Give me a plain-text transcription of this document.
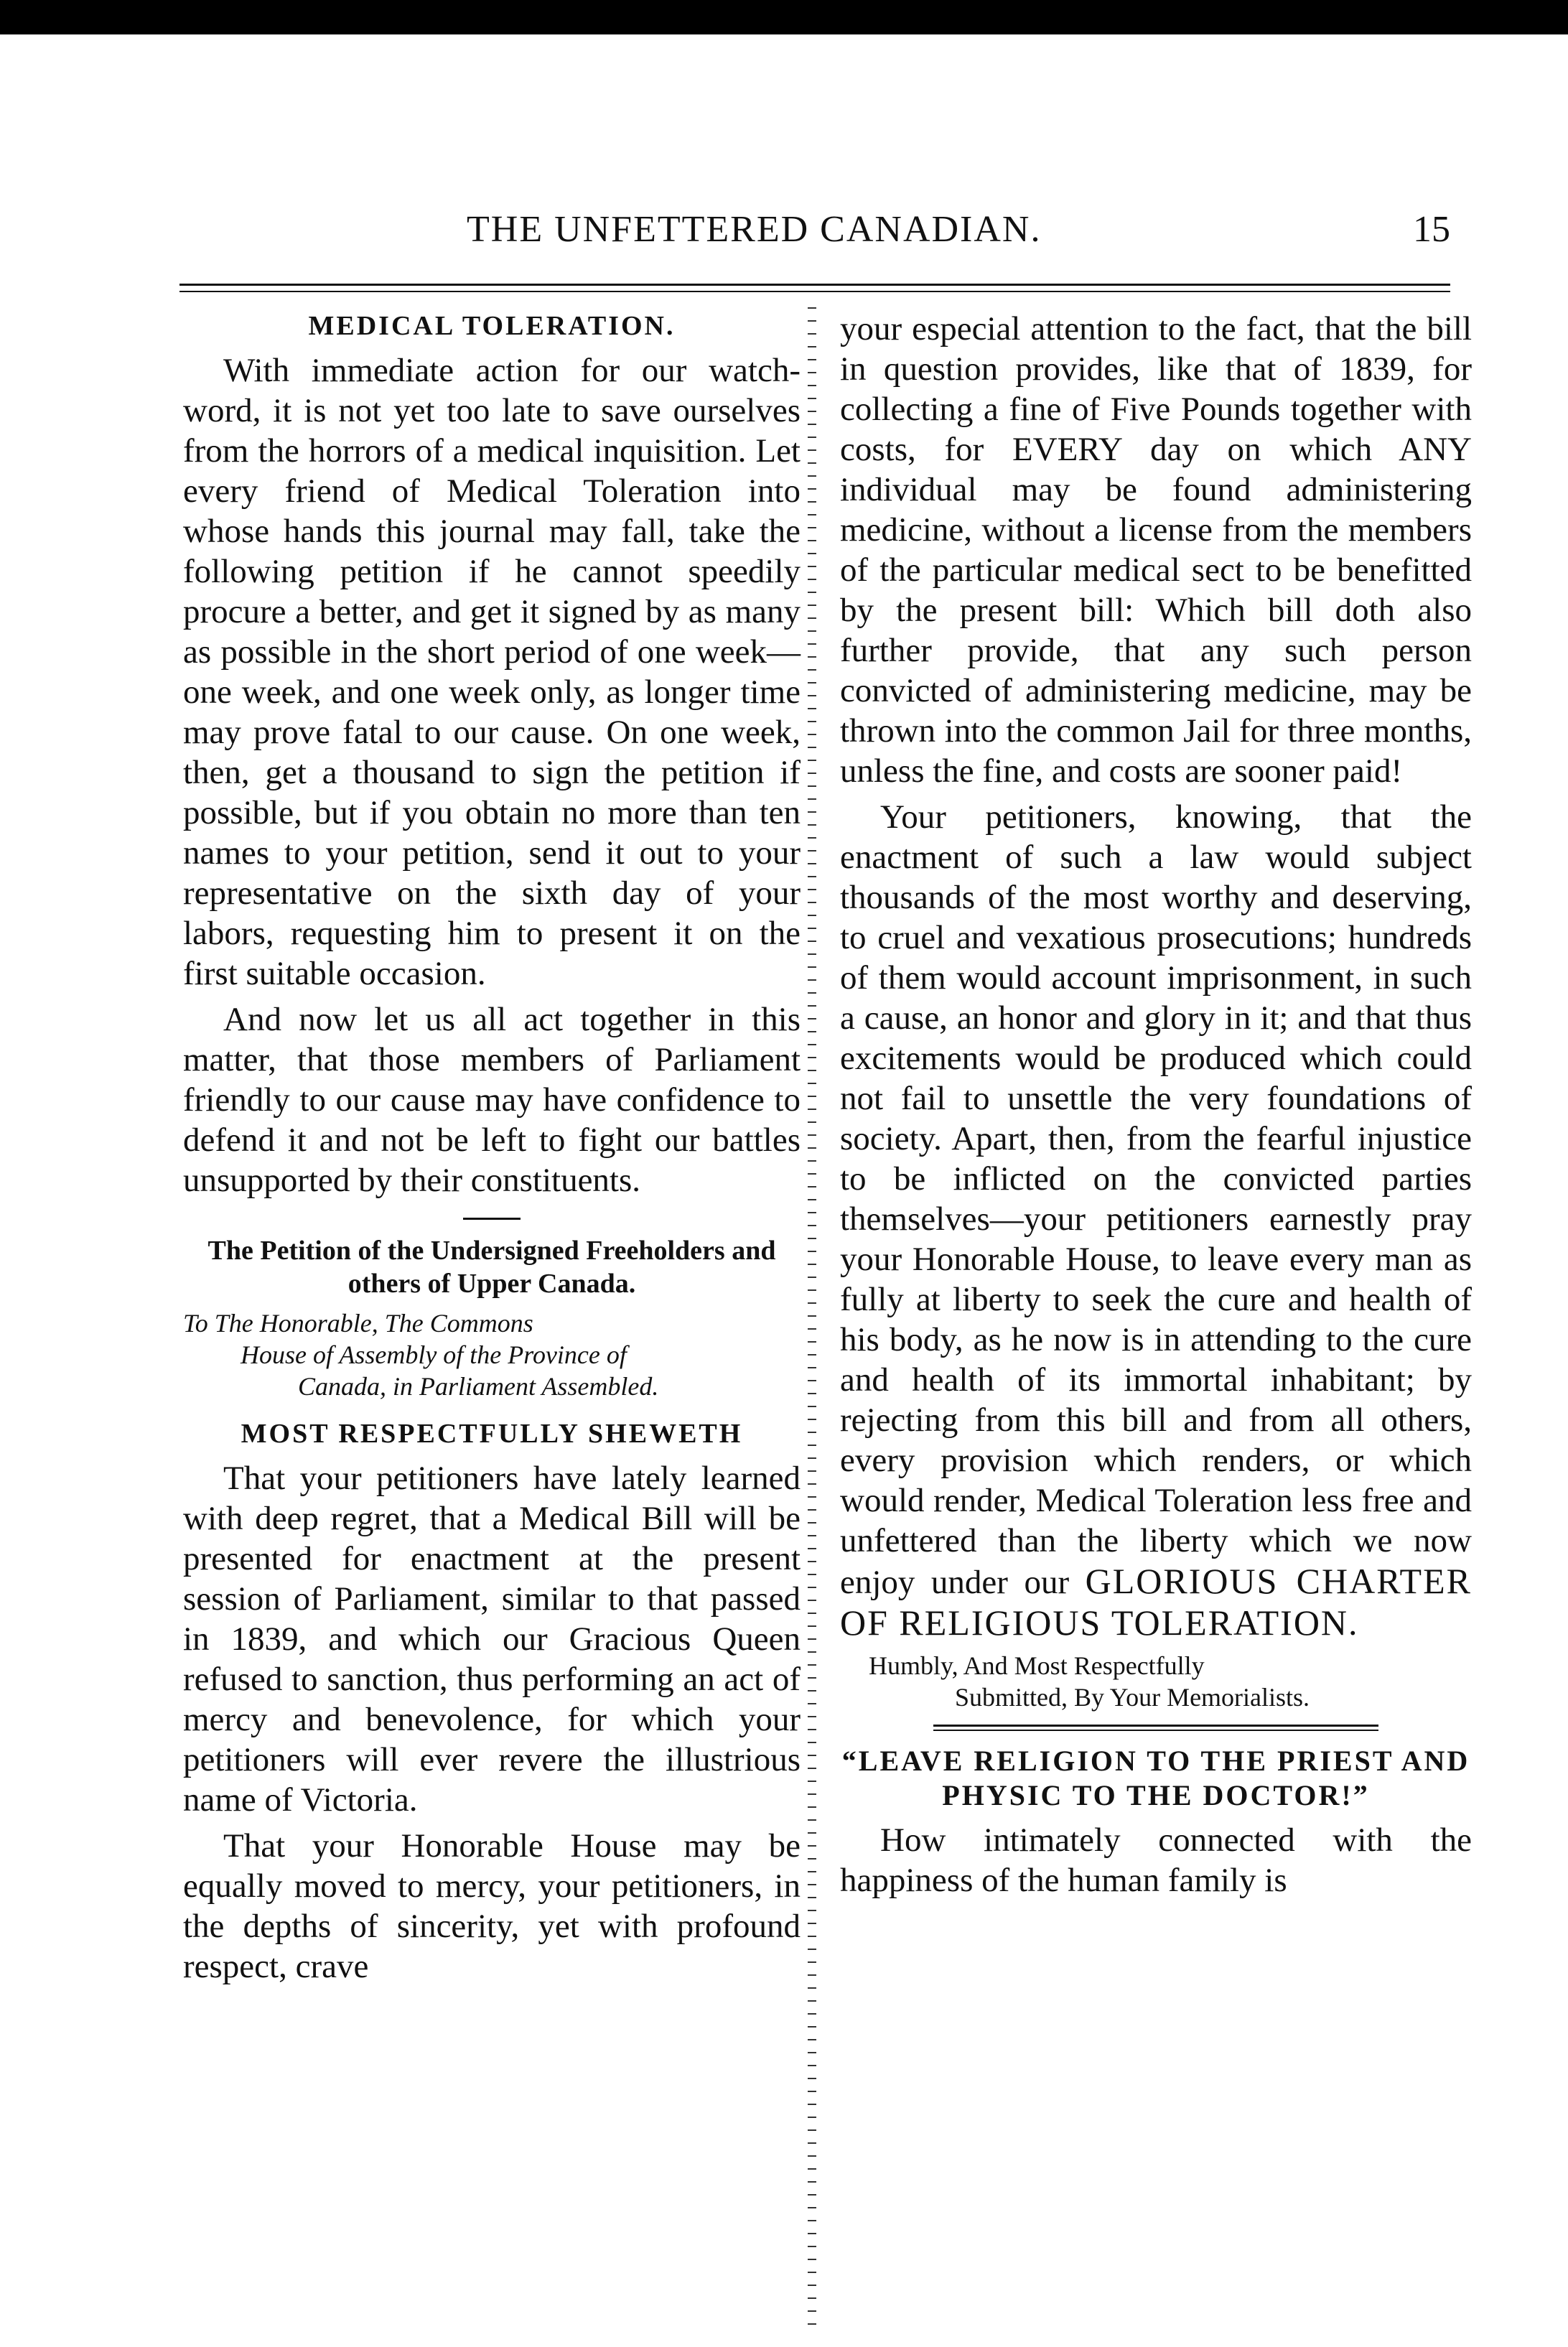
THE UNFETTERED CANADIAN.	15
MEDICAL TOLERATION.

With immediate action for our watch-word, it is not yet too late to save ourselves from the horrors of a medical inquisition. Let every friend of Medical Toleration into whose hands this journal may fall, take the following petition if he cannot speedily procure a better, and get it signed by as many as possible in the short period of one week—one week, and one week only, as longer time may prove fatal to our cause. On one week, then, get a thousand to sign the petition if possible, but if you obtain no more than ten names to your petition, send it out to your representative on the sixth day of your labors, requesting him to present it on the first suitable occasion.

And now let us all act together in this matter, that those members of Parliament friendly to our cause may have confidence to defend it and not be left to fight our battles unsupported by their constituents.

The Petition of the Undersigned Freeholders and others of Upper Canada.
To The Honorable, The Commons
House of Assembly of the Province of
Canada, in Parliament Assembled.
MOST RESPECTFULLY SHEWETH

That your petitioners have lately learned with deep regret, that a Medical Bill will be presented for enactment at the present session of Parliament, similar to that passed in 1839, and which our Gracious Queen refused to sanction, thus performing an act of mercy and benevolence, for which your petitioners will ever revere the illustrious name of Victoria.

That your Honorable House may be equally moved to mercy, your petitioners, in the depths of sincerity, yet with profound respect, crave

your especial attention to the fact, that the bill in question provides, like that of 1839, for collecting a fine of Five Pounds together with costs, for EVERY day on which ANY individual may be found administering medicine, without a license from the members of the particular medical sect to be benefitted by the present bill: Which bill doth also further provide, that any such person convicted of administering medicine, may be thrown into the common Jail for three months, unless the fine, and costs are sooner paid!

Your petitioners, knowing, that the enactment of such a law would subject thousands of the most worthy and deserving, to cruel and vexatious prosecutions; hundreds of them would account imprisonment, in such a cause, an honor and glory in it; and that thus excitements would be produced which could not fail to unsettle the very foundations of society. Apart, then, from the fearful injustice to be inflicted on the convicted parties themselves—your petitioners earnestly pray your Honorable House, to leave every man as fully at liberty to seek the cure and health of his body, as he now is in attending to the cure and health of its immortal inhabitant; by rejecting from this bill and from all others, every provision which renders, or which would render, Medical Toleration less free and unfettered than the liberty which we now enjoy under our GLORIOUS CHARTER OF RELIGIOUS TOLERATION.

Humbly, And Most Respectfully
Submitted, By Your Memorialists.
“LEAVE RELIGION TO THE PRIEST AND PHYSIC TO THE DOCTOR!”

How intimately connected with the happiness of the human family is
